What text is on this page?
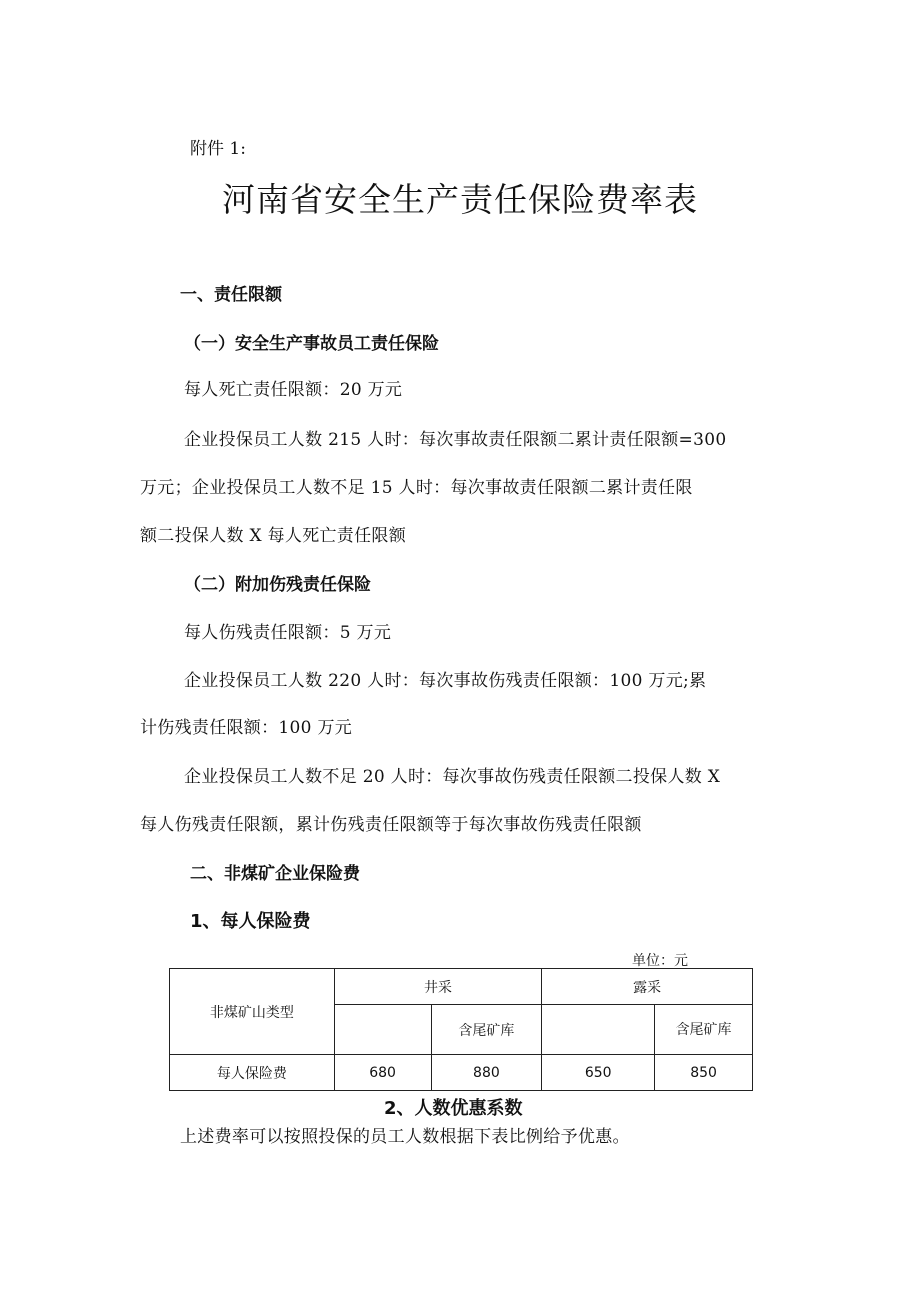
附件 1:
河南省安全生产责任保险费率表
一、责任限额
（一）安全生产事故员工责任保险
每人死亡责任限额：20 万元
企业投保员工人数 215 人时：每次事故责任限额二累计责任限额=300
万元；企业投保员工人数不足 15 人时：每次事故责任限额二累计责任限
额二投保人数 X 每人死亡责任限额
（二）附加伤残责任保险
每人伤残责任限额：5 万元
企业投保员工人数 220 人时：每次事故伤残责任限额：100 万元;累
计伤残责任限额：100 万元
企业投保员工人数不足 20 人时：每次事故伤残责任限额二投保人数 X
每人伤残责任限额，累计伤残责任限额等于每次事故伤残责任限额
二、非煤矿企业保险费
1、每人保险费
单位：元
非煤矿山类型	井采		露采	
		含尾矿库		含尾矿库
每人保险费	680	880	650	850
2、人数优惠系数
上述费率可以按照投保的员工人数根据下表比例给予优惠。
